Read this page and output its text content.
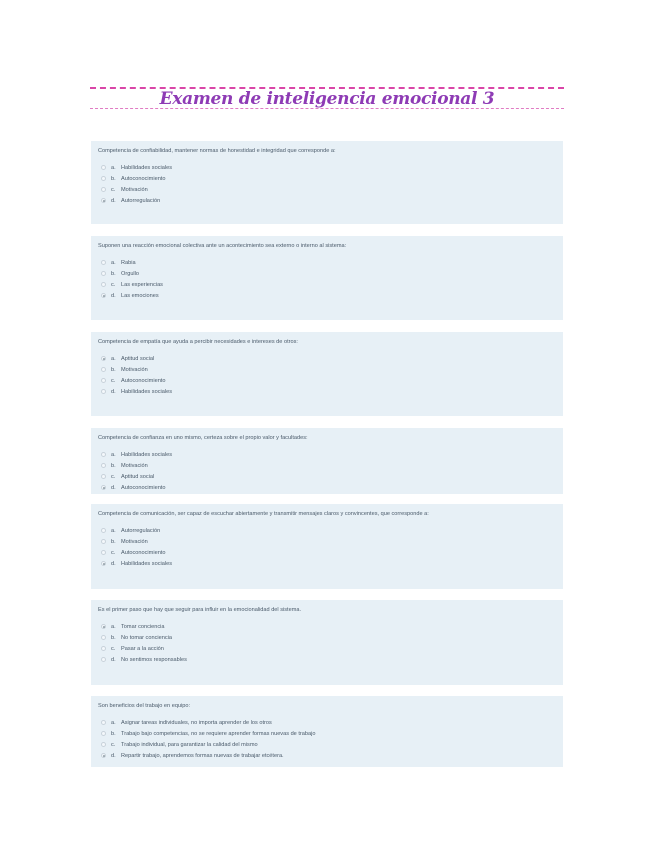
Examen de inteligencia emocional 3
Competencia de confiabilidad, mantener normas de honestidad e integridad que corresponde a:
a. Habilidades sociales
b. Autoconocimiento
c.	Motivación
d. Autorregulación
Suponen una reacción emocional colectiva ante un acontecimiento sea externo o interno al sistema:
a. Rabia
b. Orgullo
c.	Las experiencias
d. Las emociones
Competencia de empatía que ayuda a percibir necesidades e intereses de otros:
a. Aptitud social
b. Motivación
c.	Autoconocimiento
d. Habilidades sociales
Competencia de confianza en uno mismo, certeza sobre el propio valor y facultades:
a. Habilidades sociales
b. Motivación
c.	Aptitud social
d. Autoconocimiento
Competencia de comunicación, ser capaz de escuchar abiertamente y transmitir mensajes claros y convincentes, que corresponde a:
a. Autorregulación
b. Motivación
c.	Autoconocimiento
d. Habilidades sociales
Es el primer paso que hay que seguir para influir en la emocionalidad del sistema.
a. Tomar conciencia
b. No tomar conciencia
c.	Pasar a la acción
d. No sentimos responsables
Son beneficios del trabajo en equipo:
a. Asignar tareas individuales, no importa aprender de los otros
b. Trabajo bajo competencias, no se requiere aprender formas nuevas de trabajo
c.	Trabajo individual, para garantizar la calidad del mismo
d. Repartir trabajo, aprendemos formas nuevas de trabajar etcétera.
